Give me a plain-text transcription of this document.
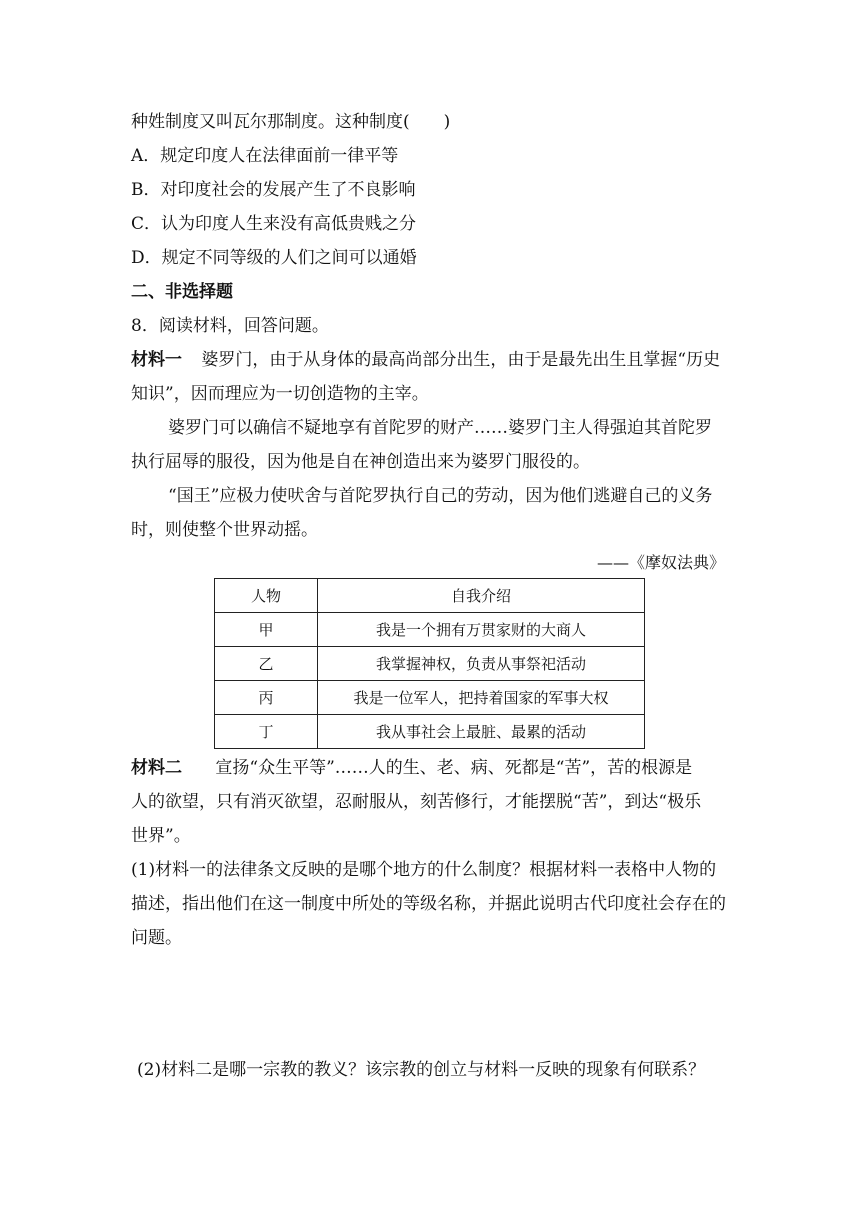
种姓制度又叫瓦尔那制度。这种制度(　　)
A．规定印度人在法律面前一律平等
B．对印度社会的发展产生了不良影响
C．认为印度人生来没有高低贵贱之分
D．规定不同等级的人们之间可以通婚
二、非选择题
8．阅读材料，回答问题。
材料一 婆罗门，由于从身体的最高尚部分出生，由于是最先出生且掌握“历史
知识”，因而理应为一切创造物的主宰。
婆罗门可以确信不疑地享有首陀罗的财产……婆罗门主人得强迫其首陀罗
执行屈辱的服役，因为他是自在神创造出来为婆罗门服役的。
“国王”应极力使吠舍与首陀罗执行自己的劳动，因为他们逃避自己的义务
时，则使整个世界动摇。
——《摩奴法典》
人物	自我介绍
甲	我是一个拥有万贯家财的大商人
乙	我掌握神权，负责从事祭祀活动
丙	我是一位军人，把持着国家的军事大权
丁	我从事社会上最脏、最累的活动
材料二 宣扬“众生平等”……人的生、老、病、死都是“苦”，苦的根源是
人的欲望，只有消灭欲望，忍耐服从，刻苦修行，才能摆脱“苦”，到达“极乐
世界”。
(1)材料一的法律条文反映的是哪个地方的什么制度？根据材料一表格中人物的
描述，指出他们在这一制度中所处的等级名称，并据此说明古代印度社会存在的
问题。
(2)材料二是哪一宗教的教义？该宗教的创立与材料一反映的现象有何联系？
